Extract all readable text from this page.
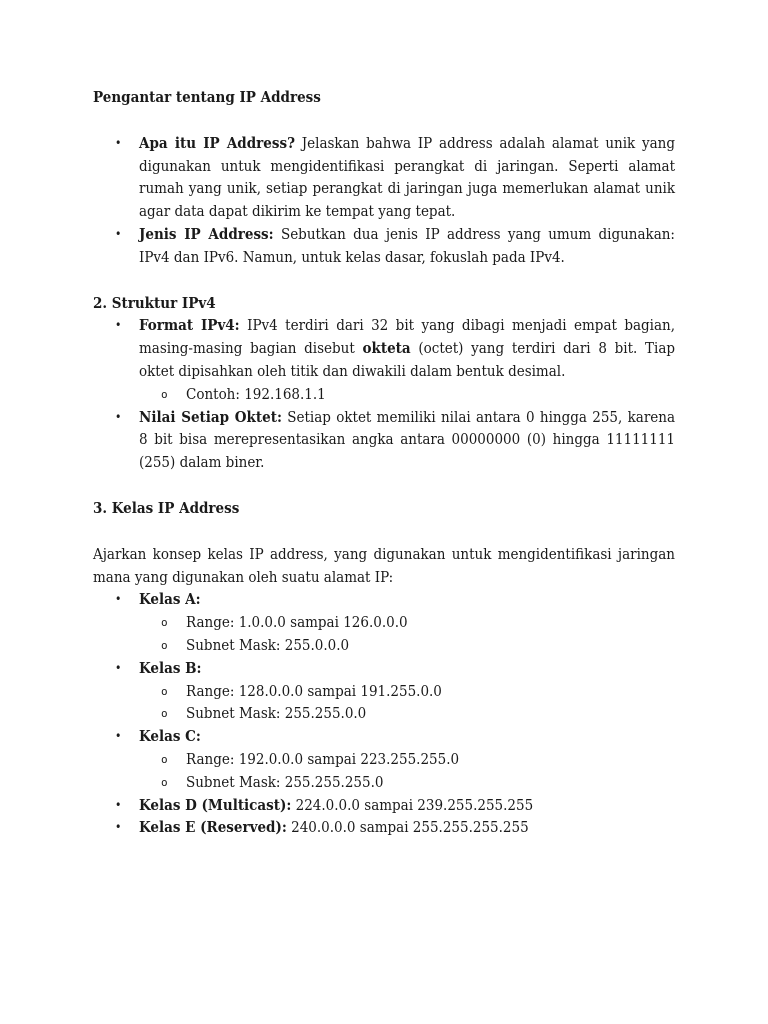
Pengantar tentang IP Address
• Apa itu IP Address? Jelaskan bahwa IP address adalah alamat unik yang digunakan untuk mengidentifikasi perangkat di jaringan. Seperti alamat rumah yang unik, setiap perangkat di jaringan juga memerlukan alamat unik agar data dapat dikirim ke tempat yang tepat.
• Jenis IP Address: Sebutkan dua jenis IP address yang umum digunakan: IPv4 dan IPv6. Namun, untuk kelas dasar, fokuslah pada IPv4.
2. Struktur IPv4
• Format IPv4: IPv4 terdiri dari 32 bit yang dibagi menjadi empat bagian, masing-masing bagian disebut okteta (octet) yang terdiri dari 8 bit. Tiap oktet dipisahkan oleh titik dan diwakili dalam bentuk desimal.
o Contoh: 192.168.1.1
• Nilai Setiap Oktet: Setiap oktet memiliki nilai antara 0 hingga 255, karena 8 bit bisa merepresentasikan angka antara 00000000 (0) hingga 11111111 (255) dalam biner.
3. Kelas IP Address

Ajarkan konsep kelas IP address, yang digunakan untuk mengidentifikasi jaringan mana yang digunakan oleh suatu alamat IP:

• Kelas A:
o Range: 1.0.0.0 sampai 126.0.0.0
o Subnet Mask: 255.0.0.0
• Kelas B:
o Range: 128.0.0.0 sampai 191.255.0.0
o Subnet Mask: 255.255.0.0
• Kelas C:
o Range: 192.0.0.0 sampai 223.255.255.0
o Subnet Mask: 255.255.255.0
• Kelas D (Multicast): 224.0.0.0 sampai 239.255.255.255
• Kelas E (Reserved): 240.0.0.0 sampai 255.255.255.255
